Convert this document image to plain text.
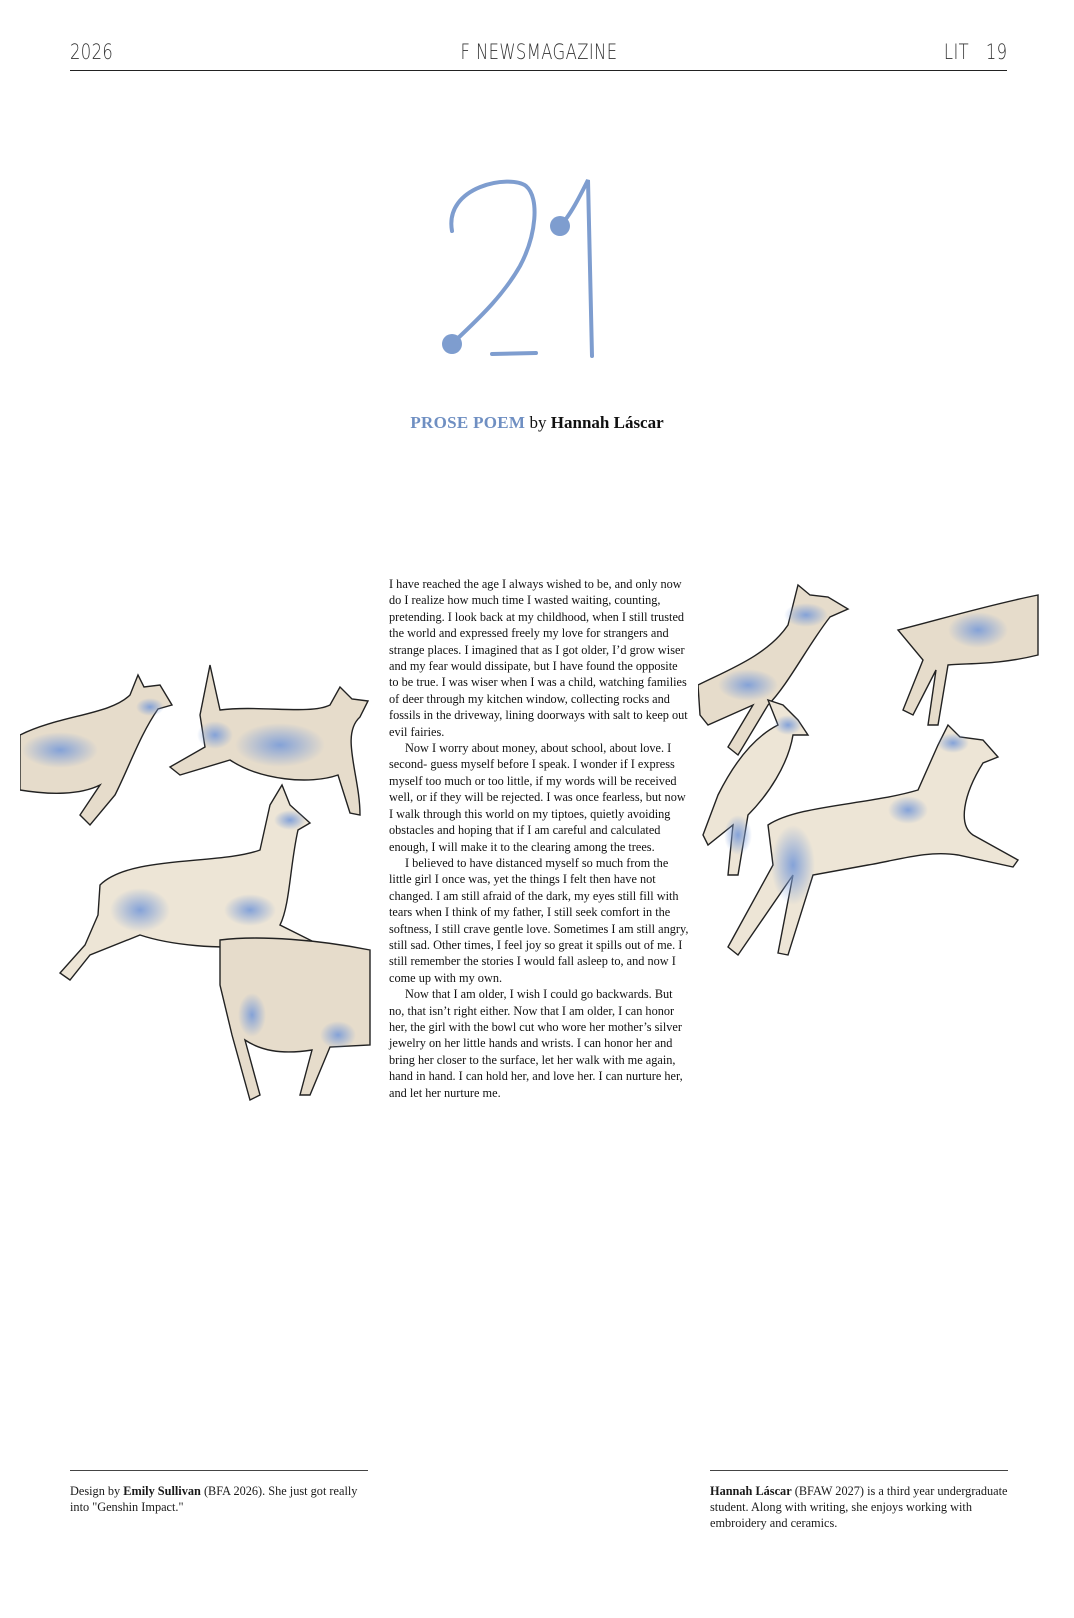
2026	F NEWSMAGAZINE	LIT   19
PROSE POEM by Hannah Láscar

I have reached the age I always wished to be, and only now do I realize how much time I wasted waiting, counting, pretending. I look back at my childhood, when I still trusted the world and expressed freely my love for strangers and strange places. I imagined that as I got older, I’d grow wiser and my fear would dissipate, but I have found the opposite to be true. I was wiser when I was a child, watching families of deer through my kitchen window, collecting rocks and fossils in the driveway, lining doorways with salt to keep out evil fairies.

Now I worry about money, about school, about love. I second- guess myself before I speak. I wonder if I express myself too much or too little, if my words will be received well, or if they will be rejected. I was once fearless, but now I walk through this world on my tiptoes, quietly avoiding obstacles and hoping that if I am careful and calculated enough, I will make it to the clearing among the trees.

I believed to have distanced myself so much from the little girl I once was, yet the things I felt then have not changed. I am still afraid of the dark, my eyes still fill with tears when I think of my father, I still seek comfort in the softness, I still crave gentle love. Sometimes I am still angry, still sad. Other times, I feel joy so great it spills out of me. I still remember the stories I would fall asleep to, and now I come up with my own.

Now that I am older, I wish I could go backwards. But no, that isn’t right either. Now that I am older, I can honor her, the girl with the bowl cut who wore her mother’s silver jewelry on her little hands and wrists. I can honor her and bring her closer to the surface, let her walk with me again, hand in hand. I can hold her, and love her. I can nurture her, and let her nurture me.

Design by Emily Sullivan (BFA 2026). She just got really into "Genshin Impact."
Hannah Láscar (BFAW 2027) is a third year undergraduate student. Along with writing, she enjoys working with embroidery and ceramics.
